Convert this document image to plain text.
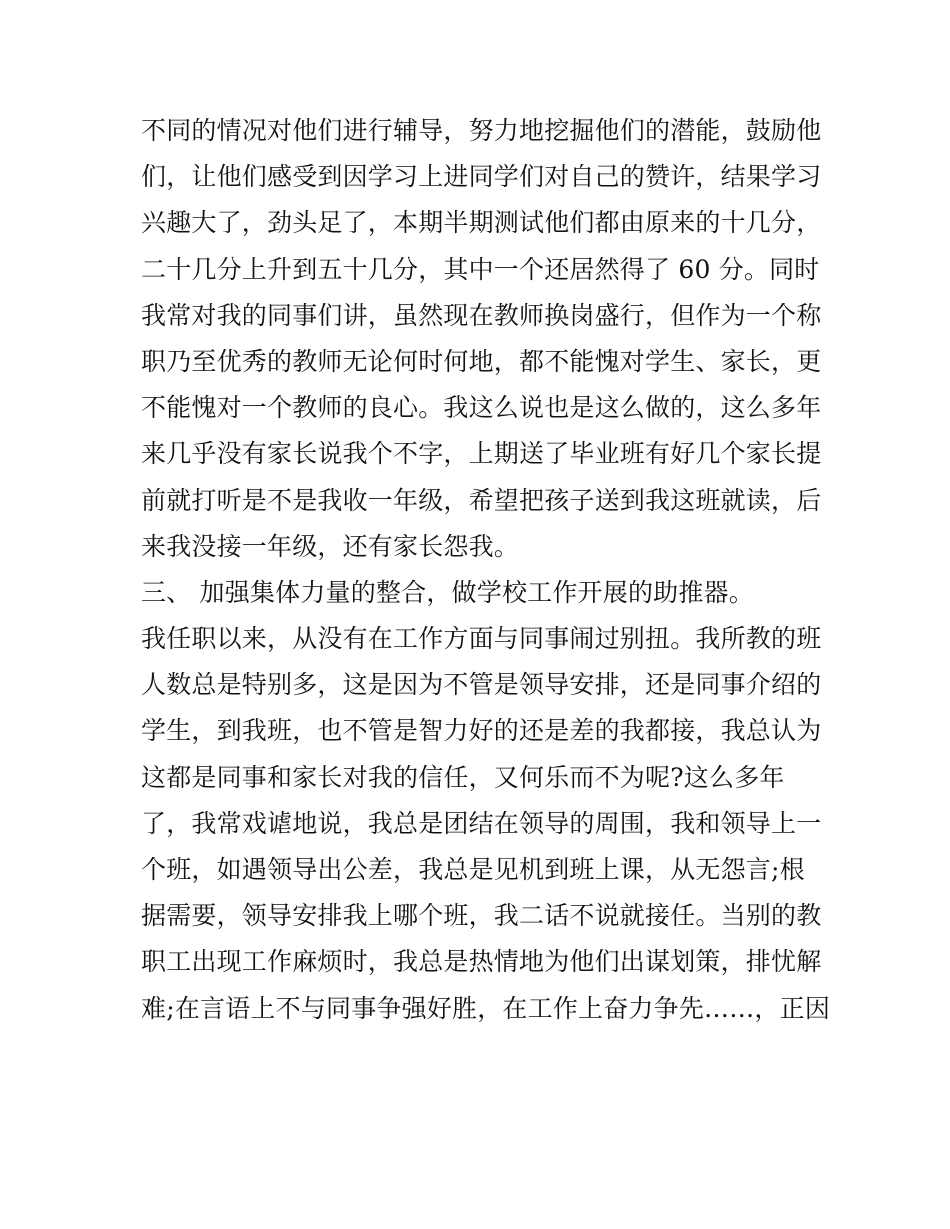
不同的情况对他们进行辅导，努力地挖掘他们的潜能，鼓励他
们，让他们感受到因学习上进同学们对自己的赞许，结果学习
兴趣大了，劲头足了，本期半期测试他们都由原来的十几分，
二十几分上升到五十几分，其中一个还居然得了 60 分。同时
我常对我的同事们讲，虽然现在教师换岗盛行，但作为一个称
职乃至优秀的教师无论何时何地，都不能愧对学生、家长，更
不能愧对一个教师的良心。我这么说也是这么做的，这么多年
来几乎没有家长说我个不字，上期送了毕业班有好几个家长提
前就打听是不是我收一年级，希望把孩子送到我这班就读，后
来我没接一年级，还有家长怨我。
三、 加强集体力量的整合，做学校工作开展的助推器。
我任职以来，从没有在工作方面与同事闹过别扭。我所教的班
人数总是特别多，这是因为不管是领导安排，还是同事介绍的
学生，到我班，也不管是智力好的还是差的我都接，我总认为
这都是同事和家长对我的信任，又何乐而不为呢?这么多年
了，我常戏谑地说，我总是团结在领导的周围，我和领导上一
个班，如遇领导出公差，我总是见机到班上课，从无怨言;根
据需要，领导安排我上哪个班，我二话不说就接任。当别的教
职工出现工作麻烦时，我总是热情地为他们出谋划策，排忧解
难;在言语上不与同事争强好胜，在工作上奋力争先……，正因
